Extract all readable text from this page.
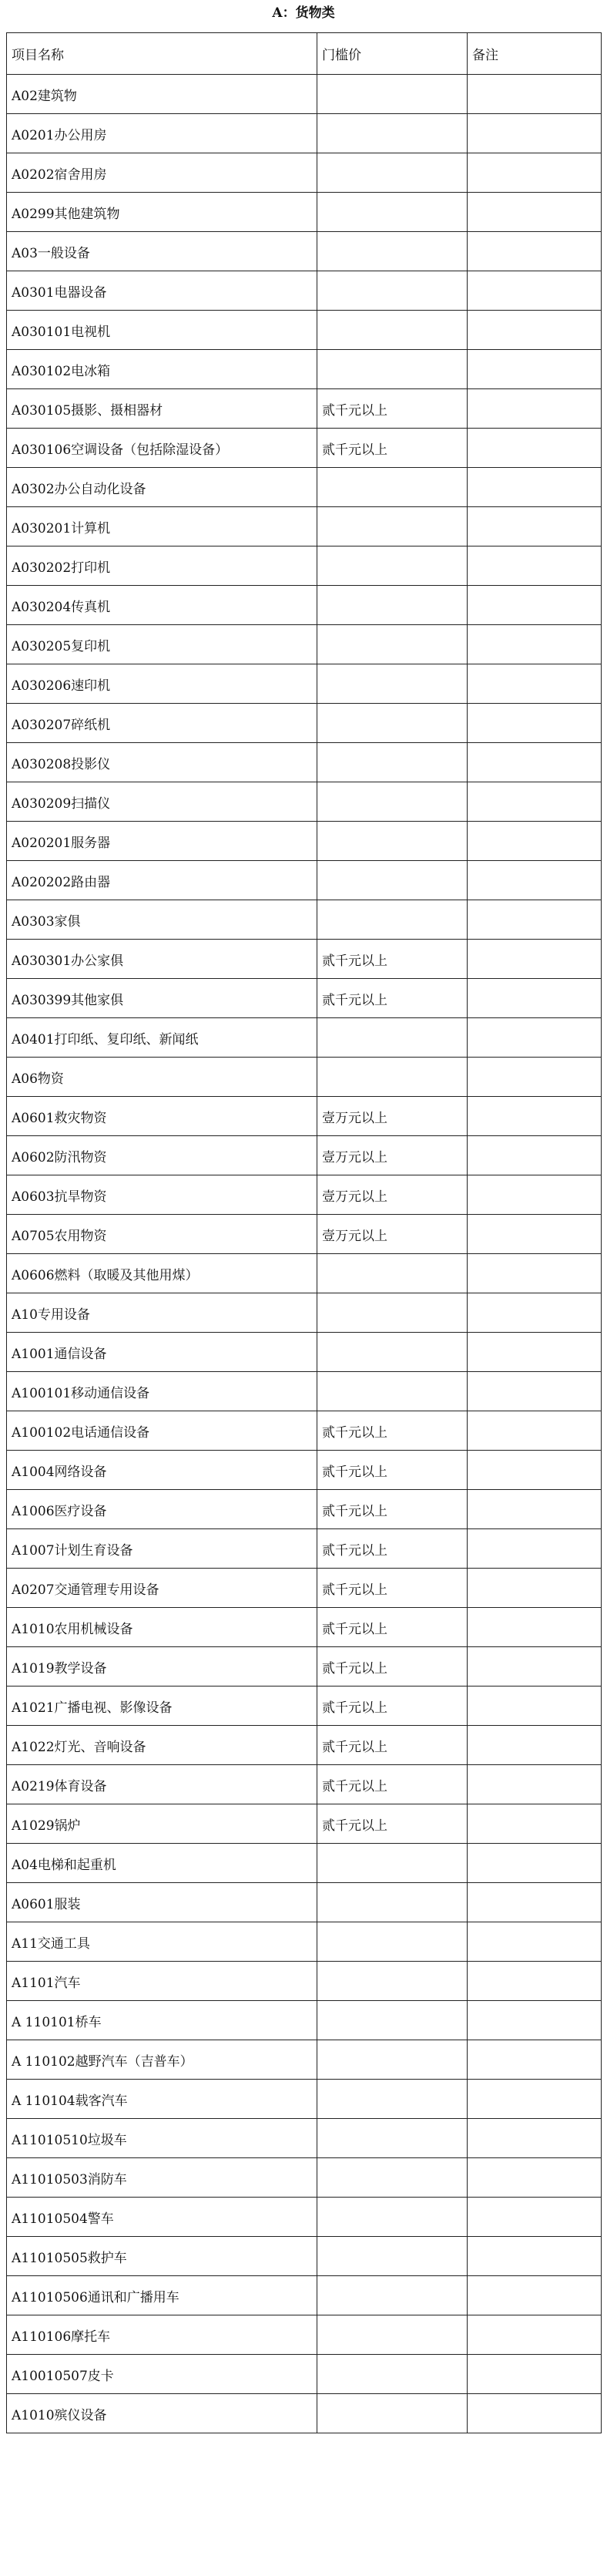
A：货物类
项目名称	门槛价	备注
A02建筑物		
A0201办公用房		
A0202宿舍用房		
A0299其他建筑物		
A03一般设备		
A0301电器设备		
A030101电视机		
A030102电冰箱		
A030105摄影、摄相器材	贰千元以上	
A030106空调设备（包括除湿设备）	贰千元以上	
A0302办公自动化设备		
A030201计算机		
A030202打印机		
A030204传真机		
A030205复印机		
A030206速印机		
A030207碎纸机		
A030208投影仪		
A030209扫描仪		
A020201服务器		
A020202路由器		
A0303家俱		
A030301办公家俱	贰千元以上	
A030399其他家俱	贰千元以上	
A0401打印纸、复印纸、新闻纸		
A06物资		
A0601救灾物资	壹万元以上	
A0602防汛物资	壹万元以上	
A0603抗旱物资	壹万元以上	
A0705农用物资	壹万元以上	
A0606燃料（取暖及其他用煤）		
A10专用设备		
A1001通信设备		
A100101移动通信设备		
A100102电话通信设备	贰千元以上	
A1004网络设备	贰千元以上	
A1006医疗设备	贰千元以上	
A1007计划生育设备	贰千元以上	
A0207交通管理专用设备	贰千元以上	
A1010农用机械设备	贰千元以上	
A1019教学设备	贰千元以上	
A1021广播电视、影像设备	贰千元以上	
A1022灯光、音响设备	贰千元以上	
A0219体育设备	贰千元以上	
A1029锅炉	贰千元以上	
A04电梯和起重机		
A0601服装		
A11交通工具		
A1101汽车		
A 110101桥车		
A 110102越野汽车（吉普车）		
A 110104载客汽车		
A11010510垃圾车		
A11010503消防车		
A11010504警车		
A11010505救护车		
A11010506通讯和广播用车		
A110106摩托车		
A10010507皮卡		
A1010殡仪设备		
